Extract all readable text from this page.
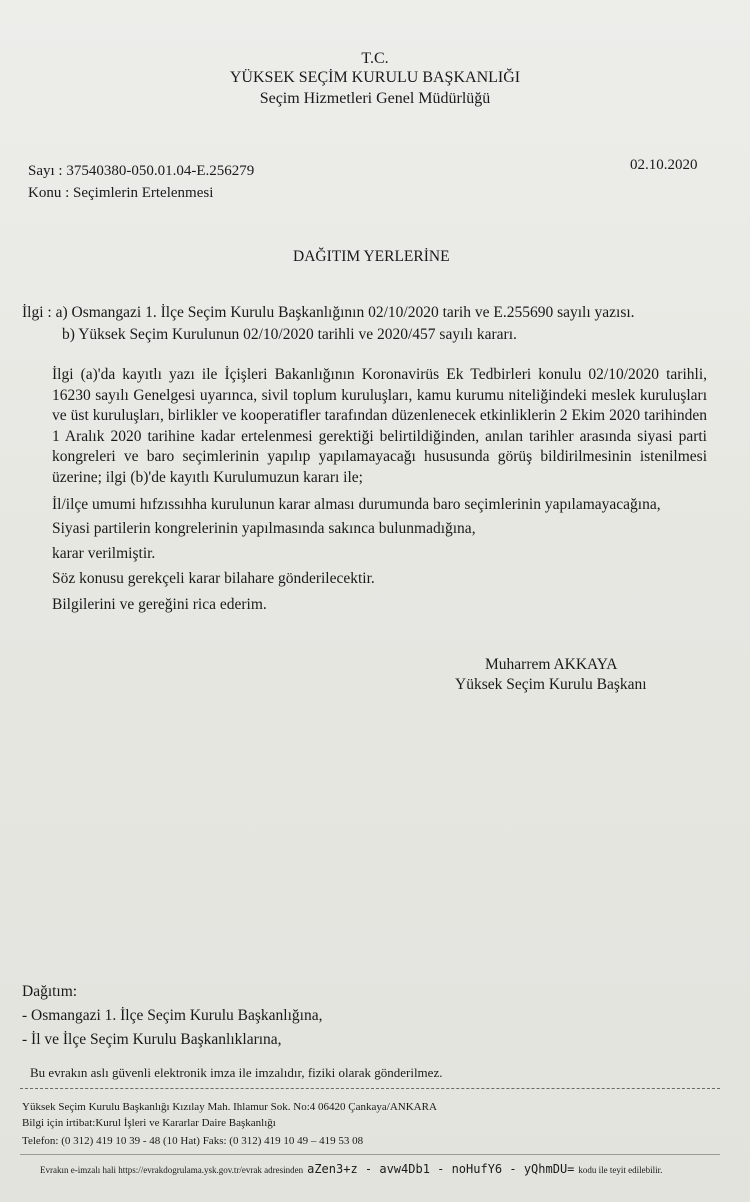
T.C.
YÜKSEK SEÇİM KURULU BAŞKANLIĞI
Seçim Hizmetleri Genel Müdürlüğü
Sayı : 37540380-050.01.04-E.256279
Konu : Seçimlerin Ertelenmesi
02.10.2020
DAĞITIM YERLERİNE
İlgi : a) Osmangazi 1. İlçe Seçim Kurulu Başkanlığının 02/10/2020 tarih ve E.255690 sayılı yazısı.
b) Yüksek Seçim Kurulunun 02/10/2020 tarihli ve 2020/457 sayılı kararı.
İlgi (a)'da kayıtlı yazı ile İçişleri Bakanlığının Koronavirüs Ek Tedbirleri konulu 02/10/2020 tarihli, 16230 sayılı Genelgesi uyarınca, sivil toplum kuruluşları, kamu kurumu niteliğindeki meslek kuruluşları ve üst kuruluşları, birlikler ve kooperatifler tarafından düzenlenecek etkinliklerin 2 Ekim 2020 tarihinden 1 Aralık 2020 tarihine kadar ertelenmesi gerektiği belirtildiğinden, anılan tarihler arasında siyasi parti kongreleri ve baro seçimlerinin yapılıp yapılamayacağı hususunda görüş bildirilmesinin istenilmesi üzerine; ilgi (b)'de kayıtlı Kurulumuzun kararı ile;
İl/ilçe umumi hıfzıssıhha kurulunun karar alması durumunda baro seçimlerinin yapılamayacağına,
Siyasi partilerin kongrelerinin yapılmasında sakınca bulunmadığına,
karar verilmiştir.
Söz konusu gerekçeli karar bilahare gönderilecektir.
Bilgilerini ve gereğini rica ederim.
Muharrem AKKAYA
Yüksek Seçim Kurulu Başkanı
Dağıtım:
- Osmangazi 1. İlçe Seçim Kurulu Başkanlığına,
- İl ve İlçe Seçim Kurulu Başkanlıklarına,
Bu evrakın aslı güvenli elektronik imza ile imzalıdır, fiziki olarak gönderilmez.
Yüksek Seçim Kurulu Başkanlığı Kızılay Mah. Ihlamur Sok. No:4 06420 Çankaya/ANKARA
Bilgi için irtibat:Kurul İşleri ve Kararlar Daire Başkanlığı
Telefon: (0 312) 419 10 39 - 48 (10 Hat) Faks: (0 312) 419 10 49 – 419 53 08
Evrakın e-imzalı hali https://evrakdogrulama.ysk.gov.tr/evrak adresinden aZen3+z - avw4Db1 - noHufY6 - yQhmDU= kodu ile teyit edilebilir.
